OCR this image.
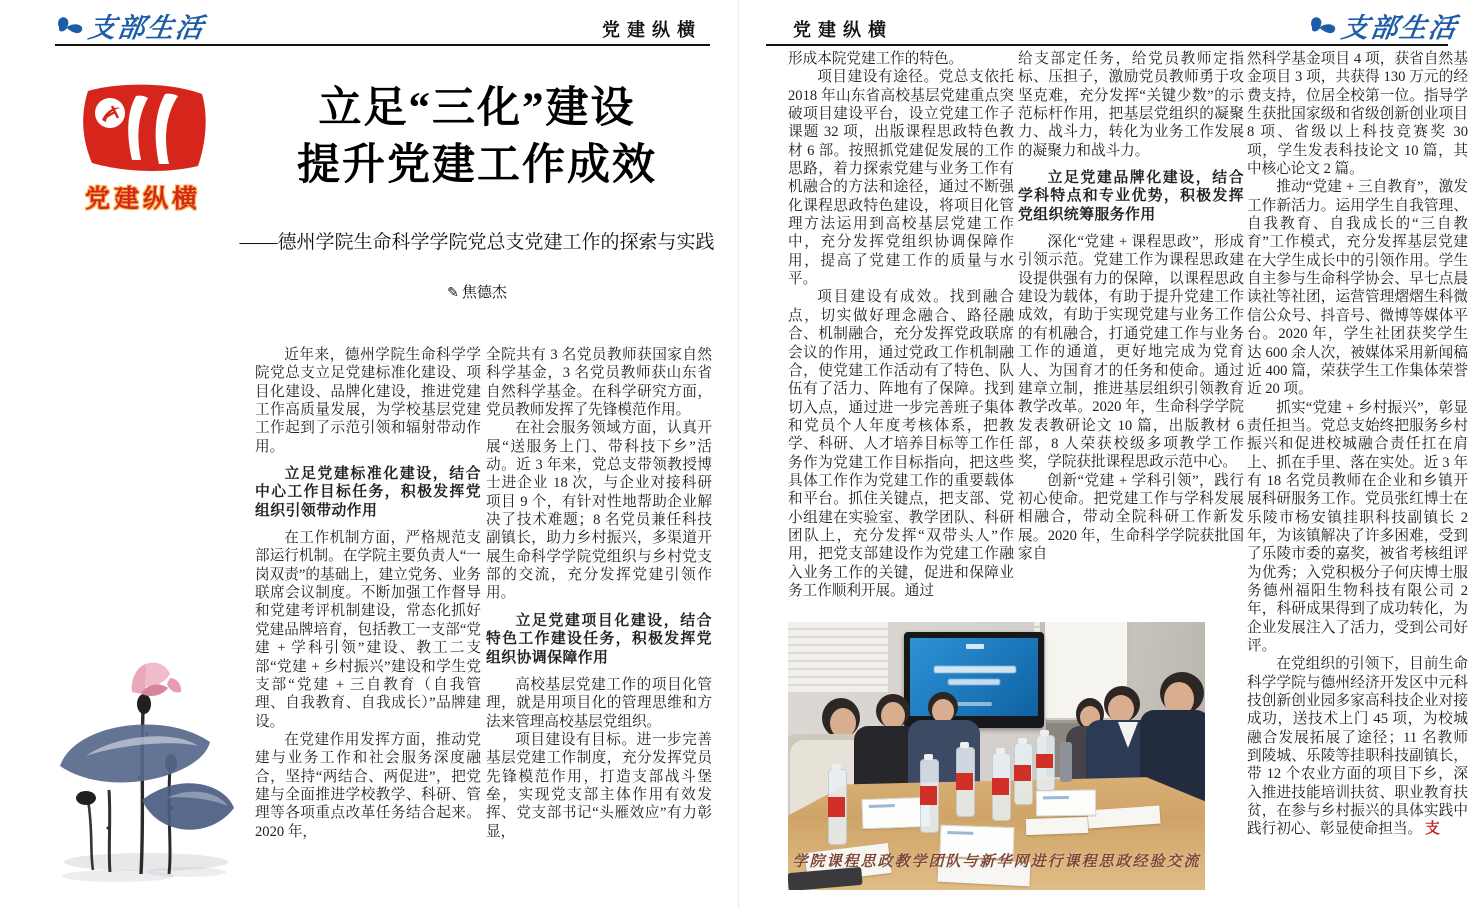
支部生活	党建纵横
党建纵横
立足“三化”建设
提升党建工作成效
——德州学院生命科学学院党总支党建工作的探索与实践
✎ 焦德杰

近年来，德州学院生命科学学院党总支立足党建标准化建设、项目化建设、品牌化建设，推进党建工作高质量发展，为学校基层党建工作起到了示范引领和辐射带动作用。

立足党建标准化建设，结合中心工作目标任务，积极发挥党组织引领带动作用

在工作机制方面，严格规范支部运行机制。在学院主要负责人“一岗双责”的基础上，建立党务、业务联席会议制度。不断加强工作督导和党建考评机制建设，常态化抓好党建品牌培育，包括教工一支部“党建 + 学科引领”建设、教工二支部“党建 + 乡村振兴”建设和学生党支部“党建 + 三自教育（自我管理、自我教育、自我成长）”品牌建设。

在党建作用发挥方面，推动党建与业务工作和社会服务深度融合，坚持“两结合、两促进”，把党建与全面推进学校教学、科研、管理等各项重点改革任务结合起来。2020 年，

全院共有 3 名党员教师获国家自然科学基金，3 名党员教师获山东省自然科学基金。在科学研究方面，党员教师发挥了先锋模范作用。

在社会服务领域方面，认真开展“送服务上门、带科技下乡”活动。近 3 年来，党总支带领教授博士进企业 18 次，与企业对接科研项目 9 个，有针对性地帮助企业解决了技术难题；8 名党员兼任科技副镇长，助力乡村振兴，多渠道开展生命科学学院党组织与乡村党支部的交流，充分发挥党建引领作用。

立足党建项目化建设，结合特色工作建设任务，积极发挥党组织协调保障作用

高校基层党建工作的项目化管理，就是用项目化的管理思维和方法来管理高校基层党组织。

项目建设有目标。进一步完善基层党建工作制度，充分发挥党员先锋模范作用，打造支部战斗堡垒，实现党支部主体作用有效发挥、党支部书记“头雁效应”有力彰显，

党建纵横	支部生活

形成本院党建工作的特色。

项目建设有途径。党总支依托 2018 年山东省高校基层党建重点突破项目建设平台，设立党建工作子课题 32 项，出版课程思政特色教材 6 部。按照抓党建促发展的工作思路，着力探索党建与业务工作有机融合的方法和途径，通过不断强化课程思政特色建设，将项目化管理方法运用到高校基层党建工作中，充分发挥党组织协调保障作用，提高了党建工作的质量与水平。

项目建设有成效。找到融合点，切实做好理念融合、路径融合、机制融合，充分发挥党政联席会议的作用，通过党政工作机制融合，使党建工作活动有了特色、队伍有了活力、阵地有了保障。找到切入点，通过进一步完善班子集体和党员个人年度考核体系，把教学、科研、人才培养目标等工作任务作为党建工作目标指向，把这些具体工作作为党建工作的重要载体和平台。抓住关键点，把支部、党小组建在实验室、教学团队、科研团队上，充分发挥“双带头人”作用，把党支部建设作为党建工作融入业务工作的关键，促进和保障业务工作顺利开展。通过

给支部定任务，给党员教师定指标、压担子，激励党员教师勇于攻坚克难，充分发挥“关键少数”的示范标杆作用，把基层党组织的凝聚力、战斗力，转化为业务工作发展的凝聚力和战斗力。

立足党建品牌化建设，结合学科特点和专业优势，积极发挥党组织统筹服务作用

深化“党建 + 课程思政”，形成引领示范。党建工作为课程思政建设提供强有力的保障，以课程思政建设为载体，有助于提升党建工作成效，有助于实现党建与业务工作的有机融合，打通党建工作与业务工作的通道，更好地完成为党育人、为国育才的任务和使命。通过建章立制，推进基层组织引领教育教学改革。2020 年，生命科学学院发表教研论文 10 篇，出版教材 6 部，8 人荣获校级多项教学工作奖，学院获批课程思政示范中心。

创新“党建 + 学科引领”，践行初心使命。把党建工作与学科发展相融合，带动全院科研工作新发展。2020 年，生命科学学院获批国家自

然科学基金项目 4 项，获省自然基金项目 3 项，共获得 130 万元的经费支持，位居全校第一位。指导学生获批国家级和省级创新创业项目 8 项、省级以上科技竞赛奖 30 项，学生发表科技论文 10 篇，其中核心论文 2 篇。

推动“党建 + 三自教育”，激发工作新活力。运用学生自我管理、自我教育、自我成长的“三自教育”工作模式，充分发挥基层党建在大学生成长中的引领作用。学生自主参与生命科学协会、早七点晨读社等社团，运营管理熠熠生科微信公众号、抖音号、微博等媒体平台。2020 年，学生社团获奖学生达 600 余人次，被媒体采用新闻稿近 400 篇，荣获学生工作集体荣誉近 20 项。

抓实“党建 + 乡村振兴”，彰显责任担当。党总支始终把服务乡村振兴和促进校城融合责任扛在肩上、抓在手里、落在实处。近 3 年有 18 名党员教师在企业和乡镇开展科研服务工作。党员张红博士在乐陵市杨安镇挂职科技副镇长 2 年，为该镇解决了许多困难，受到了乐陵市委的嘉奖，被省考核组评为优秀；入党积极分子何庆博士服务德州福阳生物科技有限公司 2 年，科研成果得到了成功转化，为企业发展注入了活力，受到公司好评。

在党组织的引领下，目前生命科学学院与德州经济开发区中元科技创新创业园多家高科技企业对接成功，送技术上门 45 项，为校城融合发展拓展了途径；11 名教师到陵城、乐陵等挂职科技副镇长，带 12 个农业方面的项目下乡，深入推进技能培训扶贫、职业教育扶贫，在参与乡村振兴的具体实践中践行初心、彰显使命担当。 支

学院课程思政教学团队与新华网进行课程思政经验交流
